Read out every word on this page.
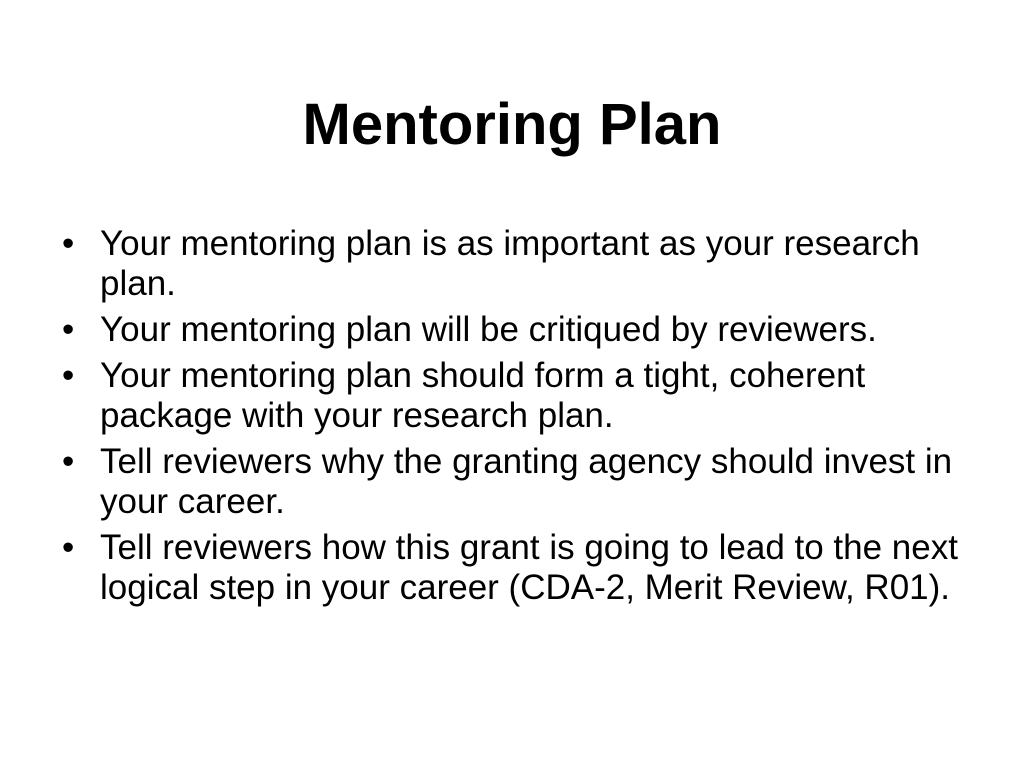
Mentoring Plan
• Your mentoring plan is as important as your research plan.
• Your mentoring plan will be critiqued by reviewers.
• Your mentoring plan should form a tight, coherent package with your research plan.
• Tell reviewers why the granting agency should invest in your career.
• Tell reviewers how this grant is going to lead to the next logical step in your career (CDA-2, Merit Review, R01).
